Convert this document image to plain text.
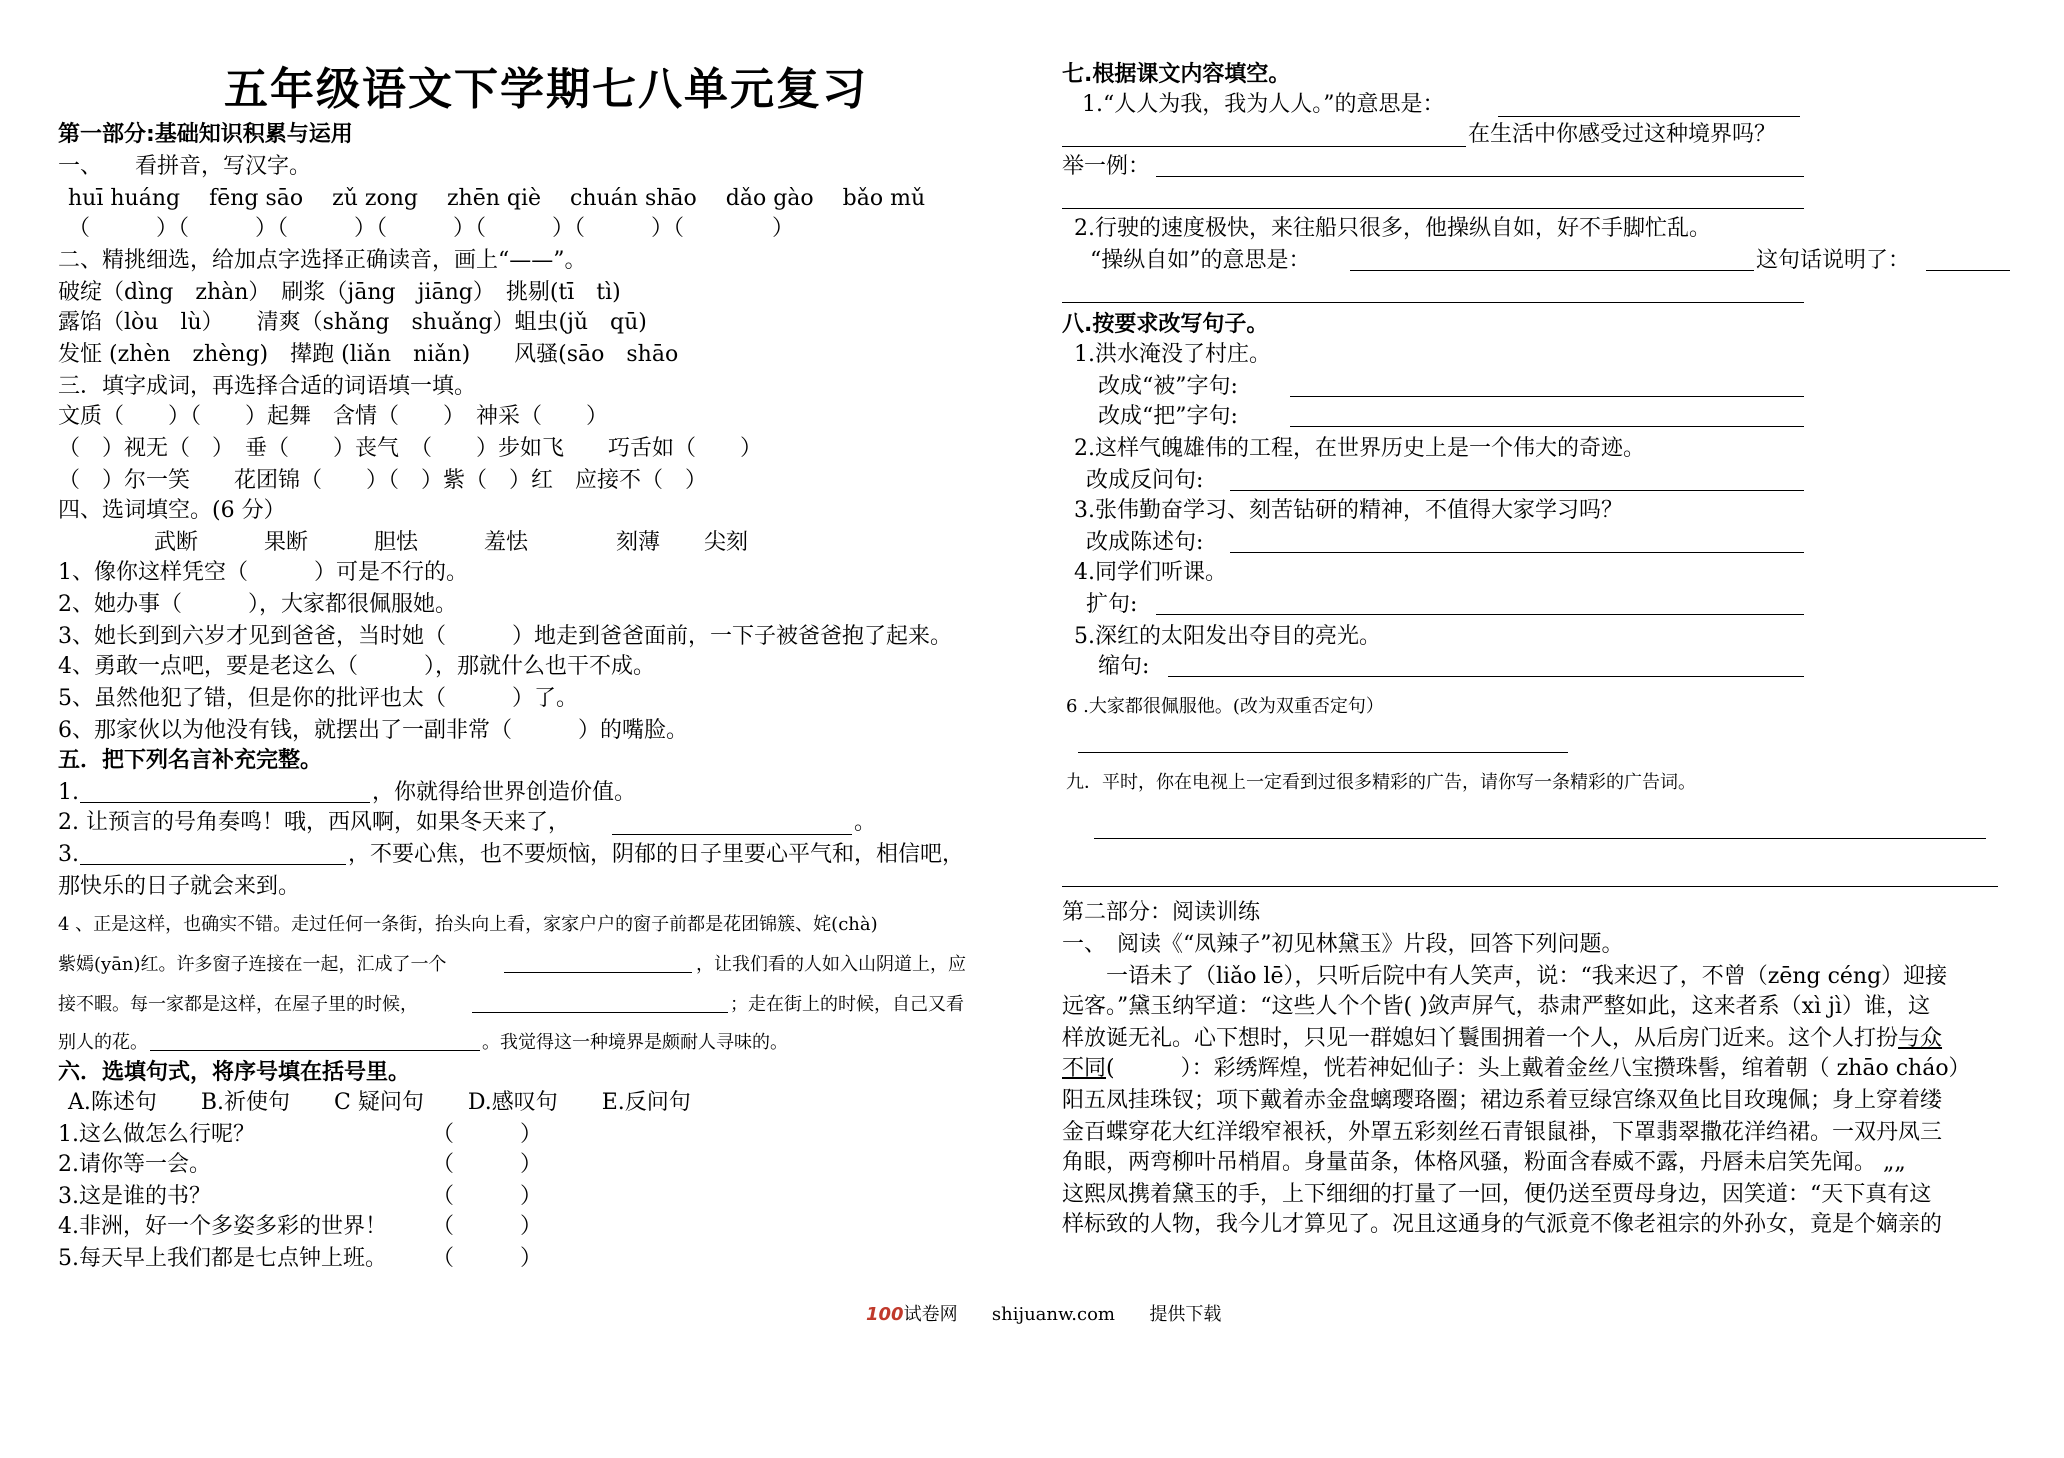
五年级语文下学期七八单元复习
第一部分:基础知识积累与运用
一、　　看拼音，写汉字。
huī huáng　 fēng sāo　 zǔ zong　 zhēn qiè　 chuán shāo　 dǎo gào　 bǎo mǔ
（　　　）（　　　）（　　　）（　　　）（　　　）（　　　）（　　　　）
二、精挑细选，给加点字选择正确读音，画上“——”。
破绽（dìng　zhàn）　刷浆（jāng　jiāng）　挑剔(tī　tì)
露馅（lòu　lù）　　清爽（shǎng　shuǎng）蛆虫(jǔ　qū)
发怔 (zhèn　zhèng)　撵跑 (liǎn　niǎn)　　风骚(sāo　shāo
三．填字成词，再选择合适的词语填一填。
文质（　　）（　　）起舞　含情（　　）　神采（　　）
（　）视无（　）　垂（　　）丧气　（　　）步如飞　　巧舌如（　　）
（　）尔一笑　　花团锦（　　）（　）紫（　）红　应接不（　）
四、选词填空。(6 分）
武断　　　果断　　　胆怯　　　羞怯　　　　刻薄　　尖刻
1、像你这样凭空（　　　）可是不行的。
2、她办事（　　　），大家都很佩服她。
3、她长到到六岁才见到爸爸，当时她（　　　）地走到爸爸面前，一下子被爸爸抱了起来。
4、勇敢一点吧，要是老这么（　　　），那就什么也干不成。
5、虽然他犯了错，但是你的批评也太（　　　）了。
6、那家伙以为他没有钱，就摆出了一副非常（　　　）的嘴脸。
五．把下列名言补充完整。
1.	，你就得给世界创造价值。
2. 让预言的号角奏鸣！哦，西风啊，如果冬天来了，	。
3.	，不要心焦，也不要烦恼，阴郁的日子里要心平气和，相信吧，
那快乐的日子就会来到。
4 、正是这样，也确实不错。走过任何一条街，抬头向上看，家家户户的窗子前都是花团锦簇、姹(chà)
紫嫣(yān)红。许多窗子连接在一起，汇成了一个	，让我们看的人如入山阴道上，应
接不暇。每一家都是这样，在屋子里的时候，	；走在街上的时候，自己又看
别人的花。	。我觉得这一种境界是颇耐人寻味的。
六．选填句式，将序号填在括号里。
A.陈述句　　B.祈使句　　C 疑问句　　D.感叹句　　E.反问句
1.这么做怎么行呢？	（　　　）
2.请你等一会。	（　　　）
3.这是谁的书？	（　　　）
4.非洲，好一个多姿多彩的世界！ （　　　）
5.每天早上我们都是七点钟上班。 （　　　）
七.根据课文内容填空。
1.“人人为我，我为人人。”的意思是：
在生活中你感受过这种境界吗？
举一例：
2.行驶的速度极快，来往船只很多，他操纵自如，好不手脚忙乱。
“操纵自如”的意思是：	这句话说明了：
八.按要求改写句子。
1.洪水淹没了村庄。
改成“被”字句:
改成“把”字句:
2.这样气魄雄伟的工程，在世界历史上是一个伟大的奇迹。
改成反问句:
3.张伟勤奋学习、刻苦钻研的精神，不值得大家学习吗？
改成陈述句:
4.同学们听课。
扩句:
5.深红的太阳发出夺目的亮光。
缩句:
6 .大家都很佩服他。(改为双重否定句）
九．平时，你在电视上一定看到过很多精彩的广告，请你写一条精彩的广告词。
第二部分：阅读训练
一、　阅读《“凤辣子”初见林黛玉》片段，回答下列问题。
　　一语未了（liǎo lē），只听后院中有人笑声，说：“我来迟了，不曾（zēng céng）迎接
远客。”黛玉纳罕道：“这些人个个皆( )敛声屏气，恭肃严整如此，这来者系（xì jì）谁，这
样放诞无礼。心下想时，只见一群媳妇丫鬟围拥着一个人，从后房门近来。这个人打扮与众
不同(　　　）：彩绣辉煌，恍若神妃仙子：头上戴着金丝八宝攒珠髻，绾着朝（ zhāo cháo）
阳五凤挂珠钗；项下戴着赤金盘螭璎珞圈；裙边系着豆绿宫绦双鱼比目玫瑰佩；身上穿着缕
金百蝶穿花大红洋缎窄裉袄，外罩五彩刻丝石青银鼠褂，下罩翡翠撒花洋绉裙。一双丹凤三
角眼，两弯柳叶吊梢眉。身量苗条，体格风骚，粉面含春威不露，丹唇未启笑先闻。 „„
这熙凤携着黛玉的手，上下细细的打量了一回，便仍送至贾母身边，因笑道：“天下真有这
样标致的人物，我今儿才算见了。况且这通身的气派竟不像老祖宗的外孙女，竟是个嫡亲的
100试卷网 shijuanw.com 提供下载
